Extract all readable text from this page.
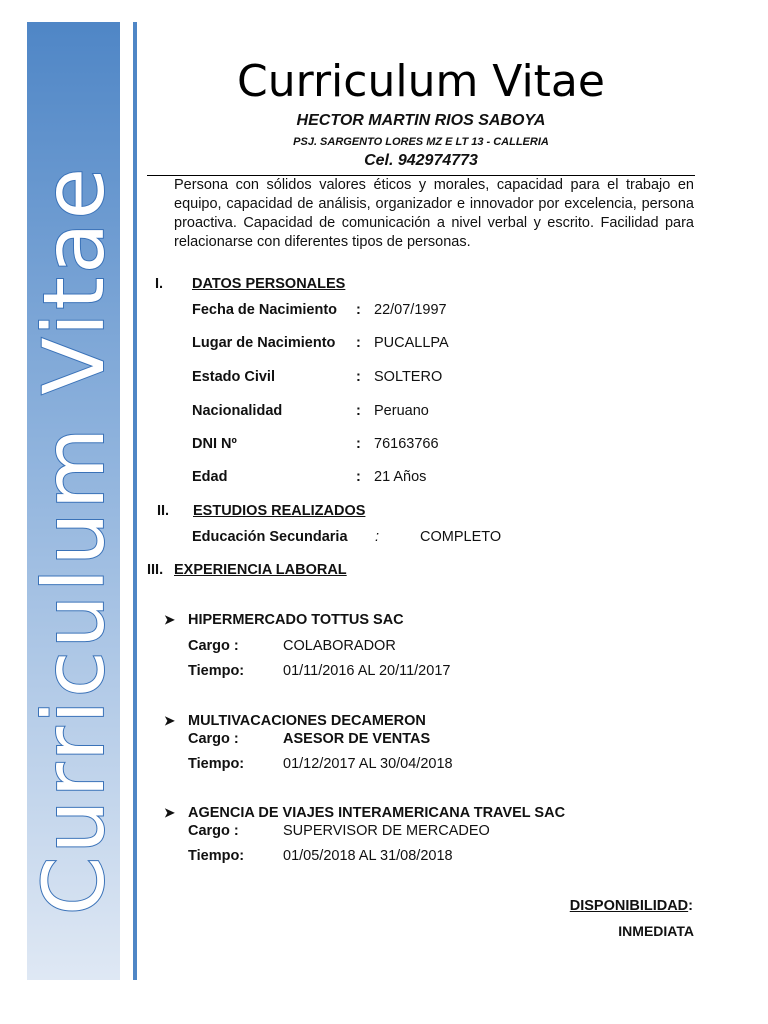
Curriculum Vitae
Curriculum Vitae
HECTOR MARTIN RIOS SABOYA
PSJ. SARGENTO LORES MZ E LT 13 - CALLERIA
Cel. 942974773
Persona con sólidos valores éticos y morales, capacidad para el trabajo en equipo, capacidad de análisis, organizador e innovador por excelencia, persona proactiva. Capacidad de comunicación a nivel verbal y escrito. Facilidad para relacionarse con diferentes tipos de personas.
I. DATOS PERSONALES
Fecha de Nacimiento : 22/07/1997
Lugar de Nacimiento : PUCALLPA
Estado Civil	: SOLTERO
Nacionalidad	: Peruano
DNI Nº	: 76163766
Edad	: 21 Años
II. ESTUDIOS REALIZADOS
Educación Secundaria :	COMPLETO
III. EXPERIENCIA LABORAL
➤ HIPERMERCADO TOTTUS SAC
Cargo :	COLABORADOR
Tiempo:	01/11/2016 AL 20/11/2017
➤ MULTIVACACIONES DECAMERON
Cargo :	ASESOR DE VENTAS
Tiempo:	01/12/2017 AL 30/04/2018
➤ AGENCIA DE VIAJES INTERAMERICANA TRAVEL SAC
Cargo :	SUPERVISOR DE MERCADEO
Tiempo:	01/05/2018 AL 31/08/2018
DISPONIBILIDAD:
INMEDIATA
